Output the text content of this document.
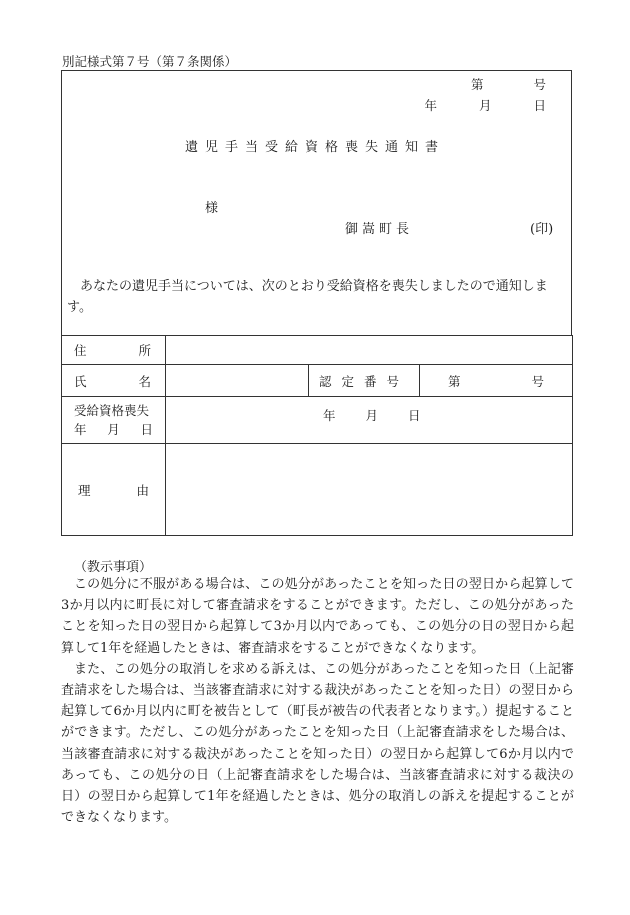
別記様式第７号（第７条関係）
第	号
年	月	日
遺児手当受給資格喪失通知書
様
御嵩町長	(印)
あなたの遺児手当については、次のとおり受給資格を喪失しましたので通知します。
住 所			

氏 名		認定番号	第 号

受給資格喪失
年 月 日	年 月 日		

理 由			

（教示事項）

この処分に不服がある場合は、この処分があったことを知った日の翌日から起算して3か月以内に町長に対して審査請求をすることができます。ただし、この処分があったことを知った日の翌日から起算して3か月以内であっても、この処分の日の翌日から起算して1年を経過したときは、審査請求をすることができなくなります。

また、この処分の取消しを求める訴えは、この処分があったことを知った日（上記審査請求をした場合は、当該審査請求に対する裁決があったことを知った日）の翌日から起算して6か月以内に町を被告として（町長が被告の代表者となります。）提起することができます。ただし、この処分があったことを知った日（上記審査請求をした場合は、当該審査請求に対する裁決があったことを知った日）の翌日から起算して6か月以内であっても、この処分の日（上記審査請求をした場合は、当該審査請求に対する裁決の日）の翌日から起算して1年を経過したときは、処分の取消しの訴えを提起することができなくなります。
